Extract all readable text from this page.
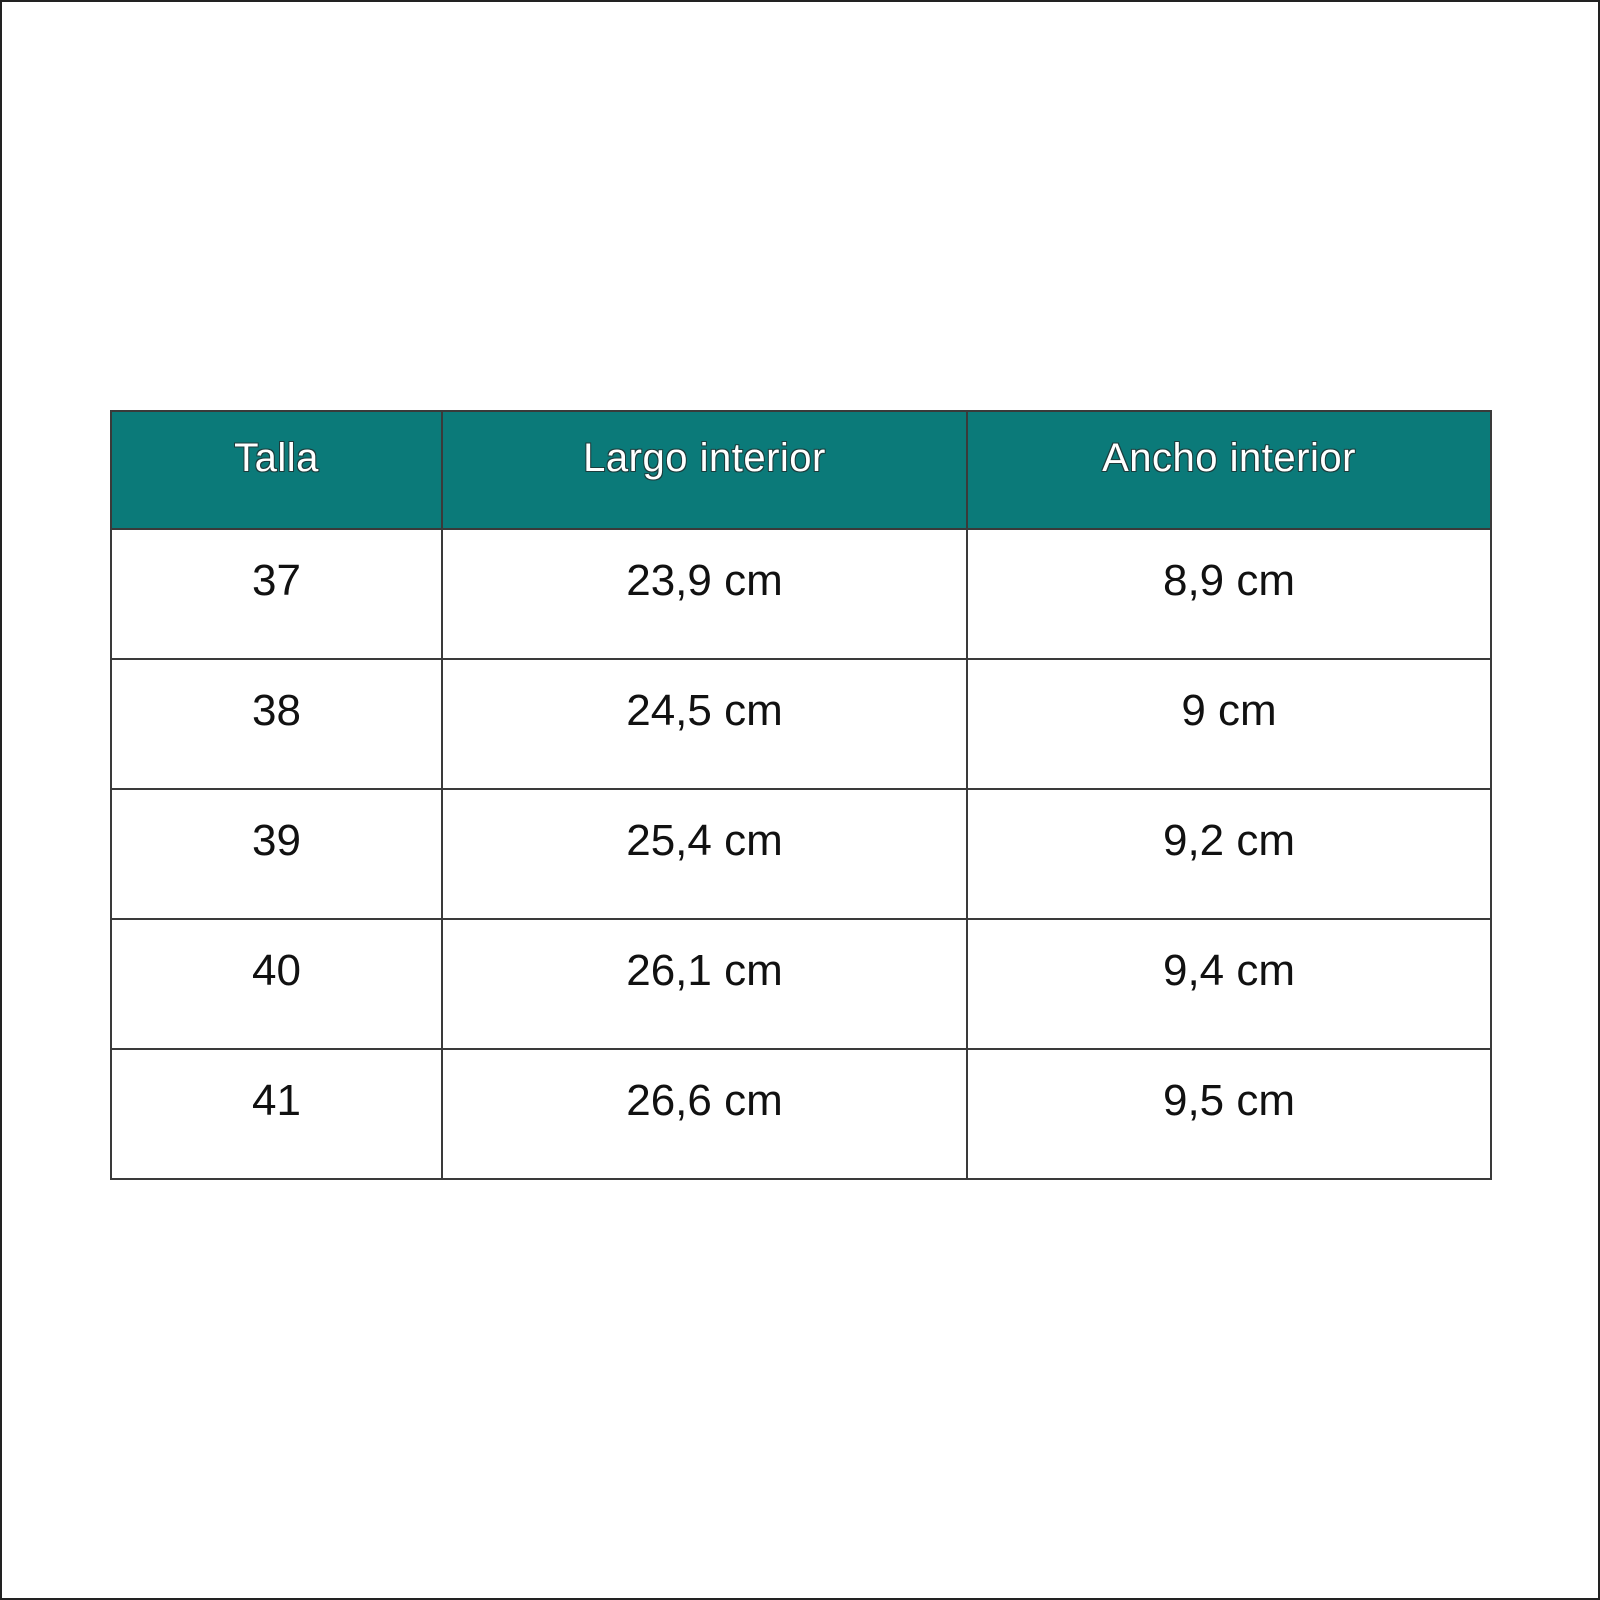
Talla	Largo interior	Ancho interior
37	23,9 cm	8,9 cm
38	24,5 cm	9 cm
39	25,4 cm	9,2 cm
40	26,1 cm	9,4 cm
41	26,6 cm	9,5 cm
